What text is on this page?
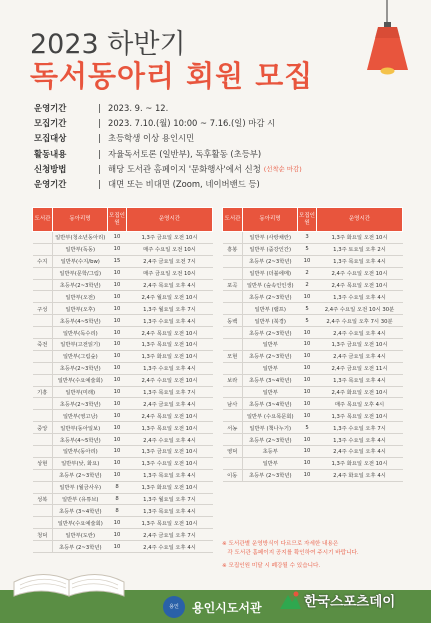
2023 하반기
독서동아리 회원 모집
운영기간	| 2023. 9. ~ 12.
모집기간	| 2023. 7.10.(월) 10:00 ~ 7.16.(일) 마감 시
모집대상	| 초등학생 이상 용인시민
활동내용	| 자율독서토론 (일반부), 독후활동 (초등부)
신청방법	| 해당 도서관 홈페이지 '문화행사'에서 신청 (선착순 마감)
운영기간	| 대면 또는 비대면 (Zoom, 네이버밴드 등)
도서관	동아리명	모집인원	운영시간
	일반부(청소년동아리)	10	1,3주 금요일 오전 10시
	일반부(독동)	10	매주 수요일 오전 10시
수지	일반부(수지/bw)	15	2,4주 금요일 오전 7시
	일반부(문학/그림)	10	매주 금요일 오전 10시
	초등부(2~3학년)	10	2,4주 목요일 오후 4시
	일반부(오전)	10	2,4주 월요일 오전 10시
구성	일반부(오후)	10	1,3주 월요일 오후 7시
	초등부(4~5학년)	10	1,3주 수요일 오후 4시
	일반부(독수리)	10	2,4주 목요일 오전 10시
죽전	일반부(고전읽기)	10	1,3주 목요일 오전 10시
	일반부(그림숲)	10	1,3주 화요일 오전 10시
	초등부(2~3학년)	10	1,3주 수요일 오후 4시
	일반부(수요예술회)	10	2,4주 수요일 오전 10시
기흥	일반부(미래)	10	1,3주 목요일 오후 7시
	초등부(2~3학년)	10	2,4주 금요일 오후 4시
	일반부(영고낭)	10	2,4주 목요일 오전 10시
중앙	일반부(동아일보)	10	1,3주 목요일 오전 10시
	초등부(4~5학년)	10	2,4주 수요일 오후 4시
	일반부(동아리)	10	1,3주 금요일 오전 10시
상현	일반부(낮, 화요)	10	1,3주 수요일 오전 10시
	초등부 (2~3학년)	10	1,3주 목요일 오후 4시
	일반부 (월금사우)	8	1,3주 화요일 오전 10시
성복	일반부 (유튜브)	8	1,3주 월요일 오후 7시
	초등부 (3~4학년)	8	1,3주 목요일 오후 4시
	일반부(수요예술회)	10	1,3주 목요일 오전 10시
청덕	일반부(도란)	10	2,4주 금요일 오후 7시
	초등부 (2~3학년)	10	2,4주 수요일 오후 4시
도서관	동아리명	모집인원	운영시간
	일반부 (사랑채란)	3	1,3주 화요일 오전 10시
흥봉	일반부 (줌강인간)	5	1,3주 토요일 오후 2시
	초등부 (2~3학년)	10	1,3주 목요일 오후 4시
	일반부 (더블에메)	2	2,4주 수요일 오전 10시
포곡	일반부 (숲속인인생)	2	2,4주 목요일 오전 10시
	초등부 (2~3학년)	10	1,3주 수요일 오후 4시
	일반부 (램프)	5	2,4주 수요일 오전 10시 30분
동백	일반부 (북경)	5	2,4주 수요일 오후 7시 30분
	초등부 (2~3학년)	10	2,4주 수요일 오후 4시
	일반부	10	1,3주 금요일 오전 10시
모현	초등부 (2~3학년)	10	2,4주 금요일 오후 4시
	일반부	10	2,4주 금요일 오전 11시
보라	초등부 (3~4학년)	10	1,3주 목요일 오후 4시
	일반부	10	2,4주 화요일 오전 10시
남사	초등부 (3~4학년)	10	매주 목요일 오후 4시
	일반부 (수요목문회)	10	1,3주 목요일 오전 10시
서농	일반부 (책나누기)	5	1,3주 수요일 오후 7시
	초등부 (2~3학년)	10	1,3주 수요일 오후 4시
영덕	초등부	10	2,4주 수요일 오후 4시
	일반부	10	1,3주 화요일 오전 10시
이동	초등부 (2~3학년)	10	2,4주 화요일 오후 4시
※ 도서관별 운영방식이 다르므로 자세한 내용은
각 도서관 홈페이지 공지를 확인하여 주시기 바랍니다.
※ 모집인원 미달 시 폐강될 수 있습니다.
용인	용인시도서관	한국스포츠데이
